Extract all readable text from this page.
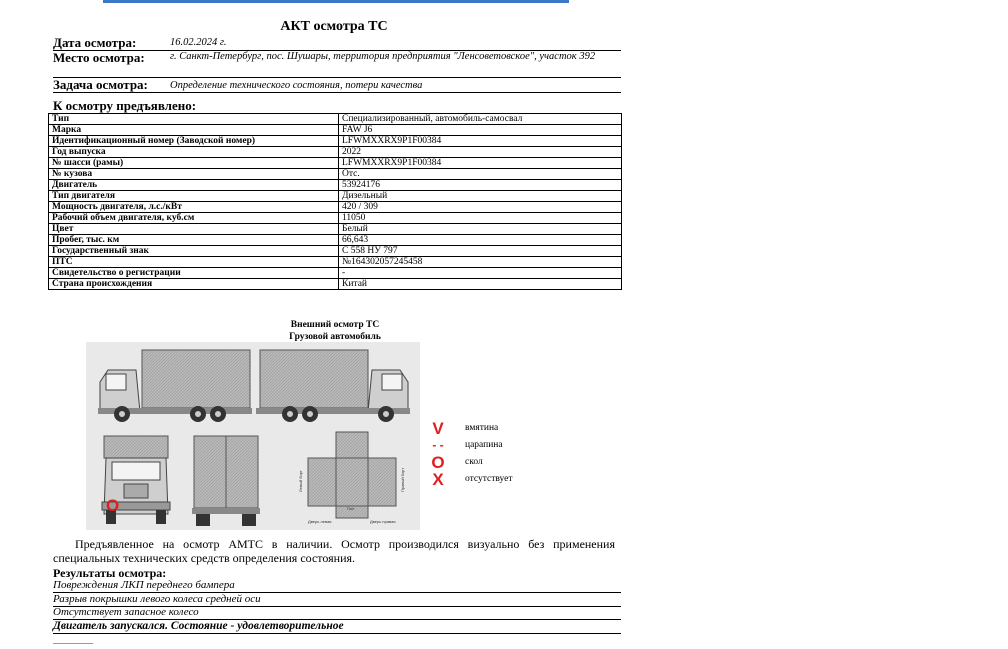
АКТ осмотра ТС
Дата осмотра:	16.02.2024 г.
Место осмотра: г. Санкт-Петербург, пос. Шушары, территория предприятия "Ленсоветовское", участок 392
Задача осмотра: Определение технического состояния, потери качества
К осмотру предъявлено:
Тип	Специализированный, автомобиль-самосвал
Марка	FAW J6
Идентификационный номер (Заводской номер)	LFWMXXRX9P1F00384
Год выпуска	2022
№ шасси (рамы)	LFWMXXRX9P1F00384
№ кузова	Отс.
Двигатель	53924176
Тип двигателя	Дизельный
Мощность двигателя, л.с./кВт	420 / 309
Рабочий объем двигателя, куб.см	11050
Цвет	Белый
Пробег, тыс. км	66,643
Государственный знак	С 558 НУ 797
ПТС	№164302057245458
Свидетельство о регистрации	-
Страна происхождения	Китай
Внешний осмотр ТС
Грузовой автомобиль
Левый борт	Правый борт
Пол
Дверь левая	Дверь правая
O
V вмятина
- - царапина
O скол
X отсутствует
Предъявленное на осмотр АМТС в наличии. Осмотр производился визуально без применения специальных технических средств определения состояния.
Результаты осмотра:
Повреждения ЛКП переднего бампера
Разрыв покрышки левого колеса средней оси
Отсутствует запасное колесо
Двигатель запускался. Состояние - удовлетворительное
